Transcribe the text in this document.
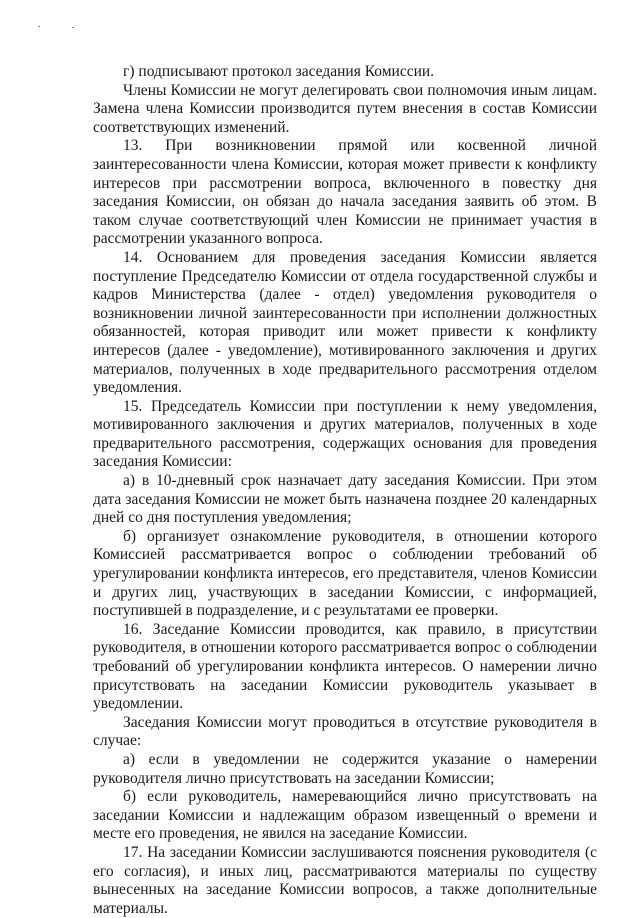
г) подписывают протокол заседания Комиссии.

Члены Комиссии не могут делегировать свои полномочия иным лицам. Замена члена Комиссии производится путем внесения в состав Комиссии соответствующих изменений.

13. При возникновении прямой или косвенной личной заинтересованности члена Комиссии, которая может привести к конфликту интересов при рассмотрении вопроса, включенного в повестку дня заседания Комиссии, он обязан до начала заседания заявить об этом. В таком случае соответствующий член Комиссии не принимает участия в рассмотрении указанного вопроса.

14. Основанием для проведения заседания Комиссии является поступление Председателю Комиссии от отдела государственной службы и кадров Министерства (далее - отдел) уведомления руководителя о возникновении личной заинтересованности при исполнении должностных обязанностей, которая приводит или может привести к конфликту интересов (далее - уведомление), мотивированного заключения и других материалов, полученных в ходе предварительного рассмотрения отделом уведомления.

15. Председатель Комиссии при поступлении к нему уведомления, мотивированного заключения и других материалов, полученных в ходе предварительного рассмотрения, содержащих основания для проведения заседания Комиссии:

а) в 10-дневный срок назначает дату заседания Комиссии. При этом дата заседания Комиссии не может быть назначена позднее 20 календарных дней со дня поступления уведомления;

б) организует ознакомление руководителя, в отношении которого Комиссией рассматривается вопрос о соблюдении требований об урегулировании конфликта интересов, его представителя, членов Комиссии и других лиц, участвующих в заседании Комиссии, с информацией, поступившей в подразделение, и с результатами ее проверки.

16. Заседание Комиссии проводится, как правило, в присутствии руководителя, в отношении которого рассматривается вопрос о соблюдении требований об урегулировании конфликта интересов. О намерении лично присутствовать на заседании Комиссии руководитель указывает в уведомлении.

Заседания Комиссии могут проводиться в отсутствие руководителя в случае:

а) если в уведомлении не содержится указание о намерении руководителя лично присутствовать на заседании Комиссии;

б) если руководитель, намеревающийся лично присутствовать на заседании Комиссии и надлежащим образом извещенный о времени и месте его проведения, не явился на заседание Комиссии.

17. На заседании Комиссии заслушиваются пояснения руководителя (с его согласия), и иных лиц, рассматриваются материалы по существу вынесенных на заседание Комиссии вопросов, а также дополнительные материалы.
